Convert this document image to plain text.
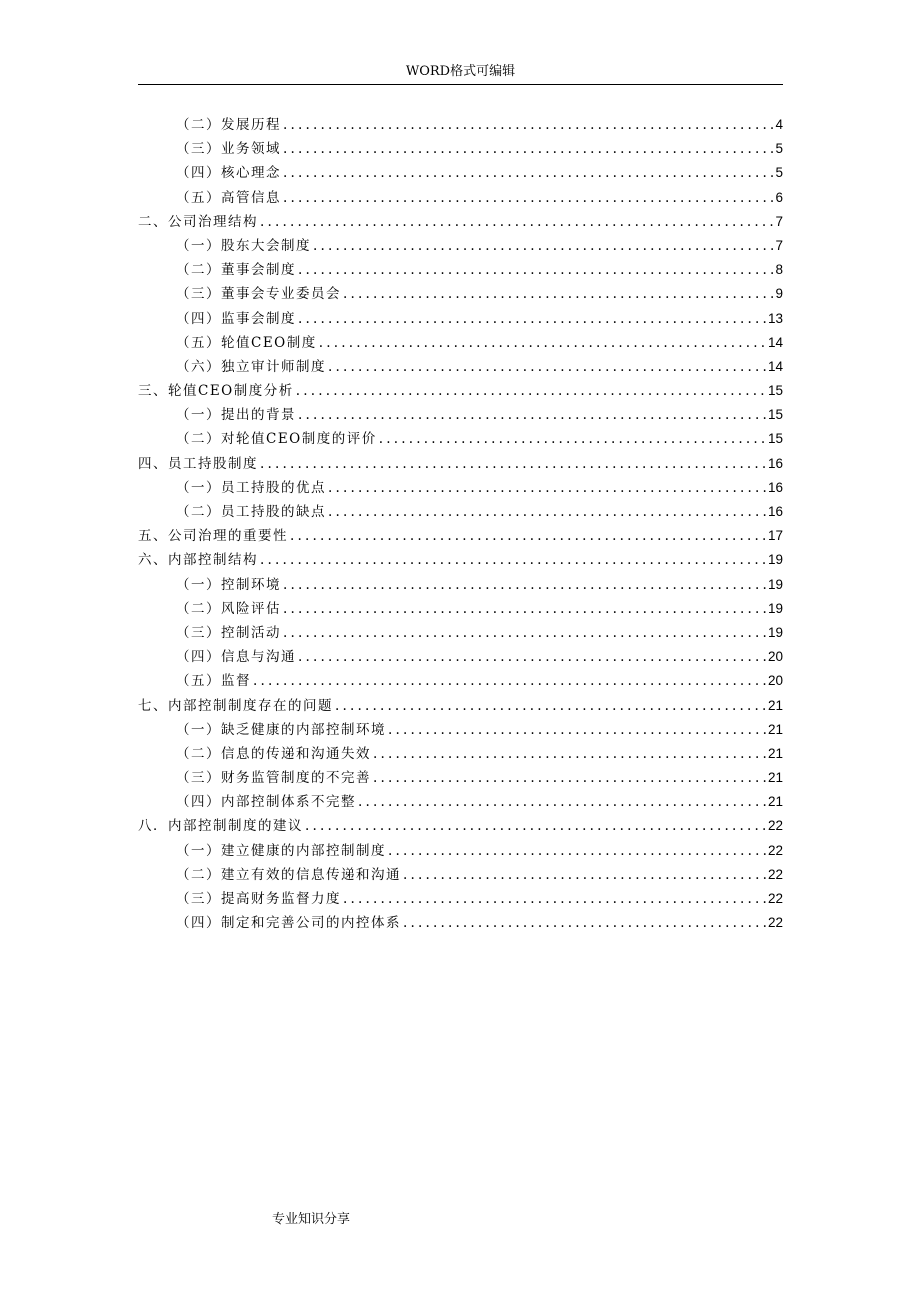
WORD格式可编辑
（二）发展历程 .....	4
（三）业务领域 .....	5
（四）核心理念 .....	5
（五）高管信息 .....	6
二、公司治理结构 .....	7
（一）股东大会制度 .....	7
（二）董事会制度 .....	8
（三）董事会专业委员会 .....	9
（四）监事会制度 .....	13
（五）轮值CEO制度 .....	14
（六）独立审计师制度 .....	14
三、轮值CEO制度分析 .....	15
（一）提出的背景 .....	15
（二）对轮值CEO制度的评价 .....	15
四、员工持股制度 .....	16
（一）员工持股的优点 .....	16
（二）员工持股的缺点 .....	16
五、公司治理的重要性 .....	17
六、内部控制结构 .....	19
（一）控制环境 .....	19
（二）风险评估 .....	19
（三）控制活动 .....	19
（四）信息与沟通 .....	20
（五）监督 .....	20
七、内部控制制度存在的问题 .....	21
（一）缺乏健康的内部控制环境 .....	21
（二）信息的传递和沟通失效 .....	21
（三）财务监管制度的不完善 .....	21
（四）内部控制体系不完整 .....	21
八．内部控制制度的建议 .....	22
（一）建立健康的内部控制制度 .....	22
（二）建立有效的信息传递和沟通 .....	22
（三）提高财务监督力度 .....	22
（四）制定和完善公司的内控体系 .....	22
专业知识分享
